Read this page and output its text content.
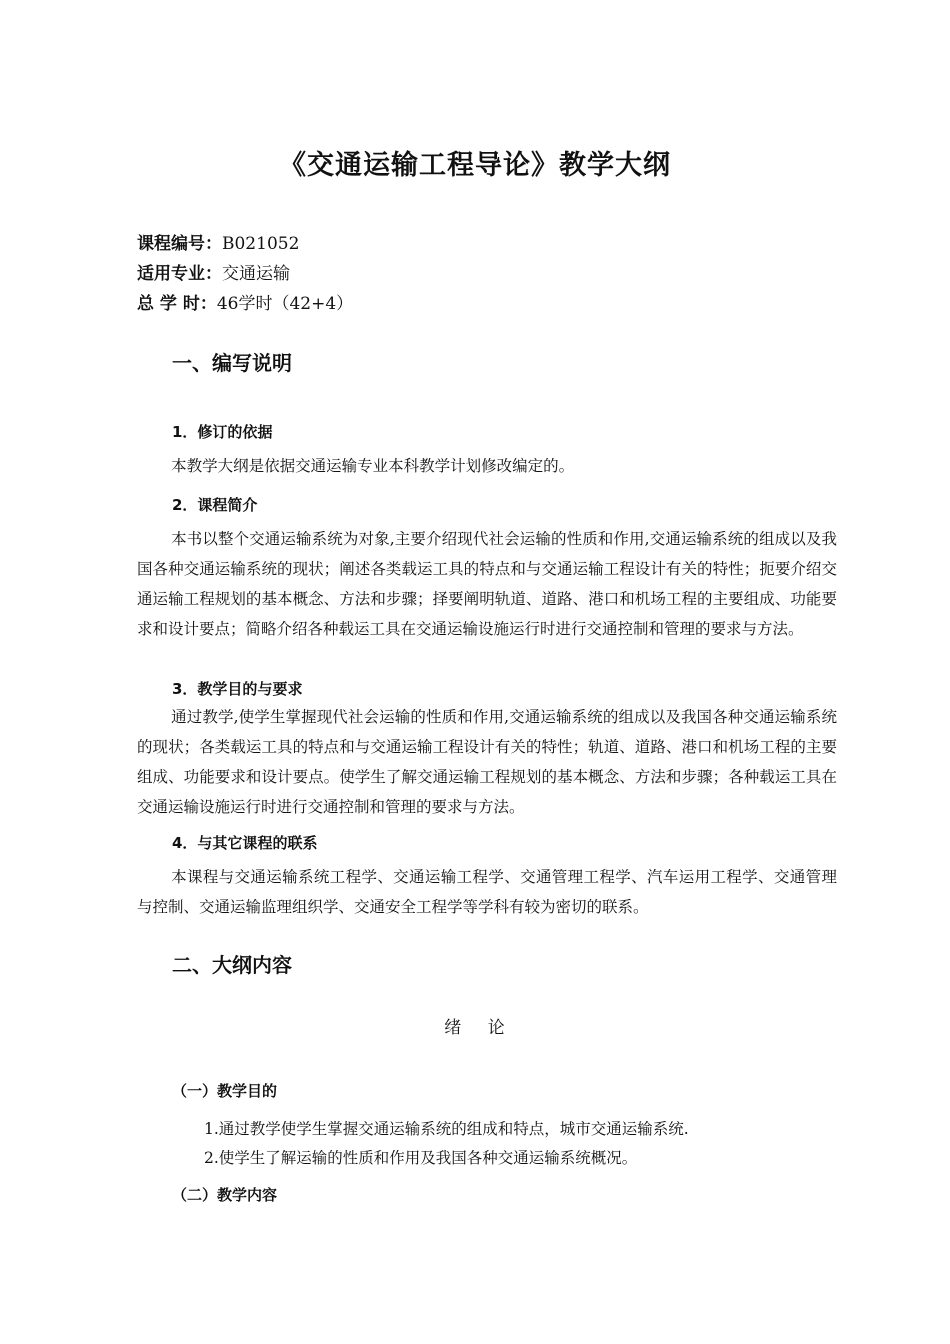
《交通运输工程导论》教学大纲
课程编号：B021052
适用专业：交通运输
总 学 时：46学时（42+4）
一、编写说明
1．修订的依据

本教学大纲是依据交通运输专业本科教学计划修改编定的。

2．课程简介

本书以整个交通运输系统为对象,主要介绍现代社会运输的性质和作用,交通运输系统的组成以及我国各种交通运输系统的现状；阐述各类载运工具的特点和与交通运输工程设计有关的特性；扼要介绍交通运输工程规划的基本概念、方法和步骤；择要阐明轨道、道路、港口和机场工程的主要组成、功能要求和设计要点；简略介绍各种载运工具在交通运输设施运行时进行交通控制和管理的要求与方法。

3．教学目的与要求

通过教学,使学生掌握现代社会运输的性质和作用,交通运输系统的组成以及我国各种交通运输系统的现状；各类载运工具的特点和与交通运输工程设计有关的特性；轨道、道路、港口和机场工程的主要组成、功能要求和设计要点。使学生了解交通运输工程规划的基本概念、方法和步骤；各种载运工具在交通运输设施运行时进行交通控制和管理的要求与方法。

4．与其它课程的联系

本课程与交通运输系统工程学、交通运输工程学、交通管理工程学、汽车运用工程学、交通管理与控制、交通运输监理组织学、交通安全工程学等学科有较为密切的联系。

二、大纲内容
绪    论
（一）教学目的
1.通过教学使学生掌握交通运输系统的组成和特点，城市交通运输系统.
2.使学生了解运输的性质和作用及我国各种交通运输系统概况。
（二）教学内容
